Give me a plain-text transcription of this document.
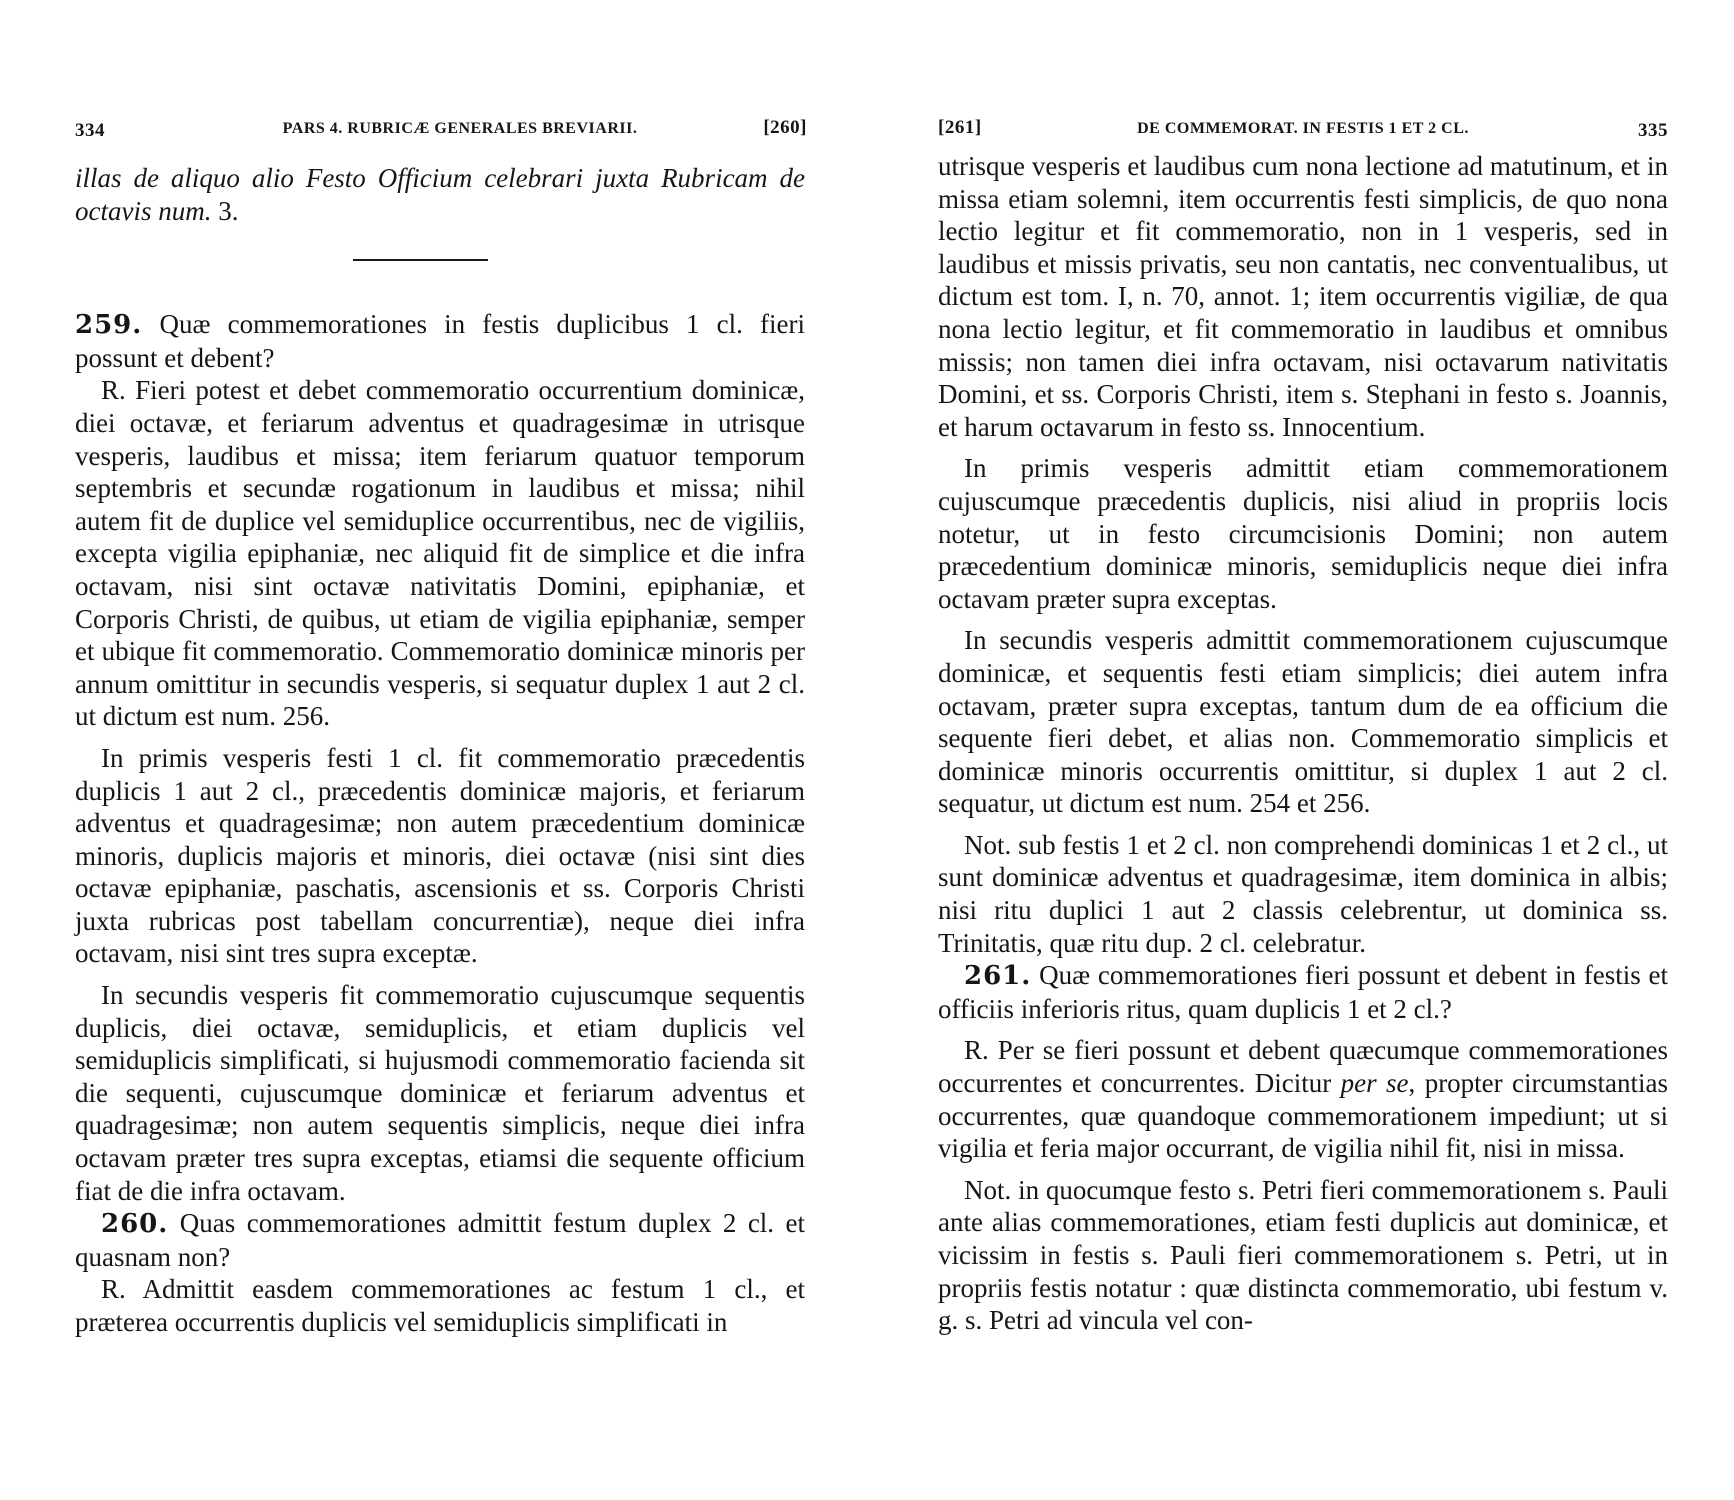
334	PARS 4. RUBRICÆ GENERALES BREVIARII.	[260]

illas de aliquo alio Festo Officium celebrari juxta Rubricam de octavis num. 3.

259. Quæ commemorationes in festis duplicibus 1 cl. fieri possunt et debent?

R. Fieri potest et debet commemoratio occurrentium dominicæ, diei octavæ, et feriarum adventus et quadragesimæ in utrisque vesperis, laudibus et missa; item feriarum quatuor temporum septembris et secundæ rogationum in laudibus et missa; nihil autem fit de duplice vel semiduplice occurrentibus, nec de vigiliis, excepta vigilia epiphaniæ, nec aliquid fit de simplice et die infra octavam, nisi sint octavæ nativitatis Domini, epiphaniæ, et Corporis Christi, de quibus, ut etiam de vigilia epiphaniæ, semper et ubique fit commemoratio. Commemoratio dominicæ minoris per annum omittitur in secundis vesperis, si sequatur duplex 1 aut 2 cl. ut dictum est num. 256.

In primis vesperis festi 1 cl. fit commemoratio præcedentis duplicis 1 aut 2 cl., præcedentis dominicæ majoris, et feriarum adventus et quadragesimæ; non autem præcedentium dominicæ minoris, duplicis majoris et minoris, diei octavæ (nisi sint dies octavæ epiphaniæ, paschatis, ascensionis et ss. Corporis Christi juxta rubricas post tabellam concurrentiæ), neque diei infra octavam, nisi sint tres supra exceptæ.

In secundis vesperis fit commemoratio cujuscumque sequentis duplicis, diei octavæ, semiduplicis, et etiam duplicis vel semiduplicis simplificati, si hujusmodi commemoratio facienda sit die sequenti, cujuscumque dominicæ et feriarum adventus et quadragesimæ; non autem sequentis simplicis, neque diei infra octavam præter tres supra exceptas, etiamsi die sequente officium fiat de die infra octavam.

260. Quas commemorationes admittit festum duplex 2 cl. et quasnam non?

R. Admittit easdem commemorationes ac festum 1 cl., et præterea occurrentis duplicis vel semiduplicis simplificati in

[261]	DE COMMEMORAT. IN FESTIS 1 ET 2 CL.	335

utrisque vesperis et laudibus cum nona lectione ad matutinum, et in missa etiam solemni, item occurrentis festi simplicis, de quo nona lectio legitur et fit commemoratio, non in 1 vesperis, sed in laudibus et missis privatis, seu non cantatis, nec conventualibus, ut dictum est tom. I, n. 70, annot. 1; item occurrentis vigiliæ, de qua nona lectio legitur, et fit commemoratio in laudibus et omnibus missis; non tamen diei infra octavam, nisi octavarum nativitatis Domini, et ss. Corporis Christi, item s. Stephani in festo s. Joannis, et harum octavarum in festo ss. Innocentium.

In primis vesperis admittit etiam commemorationem cujuscumque præcedentis duplicis, nisi aliud in propriis locis notetur, ut in festo circumcisionis Domini; non autem præcedentium dominicæ minoris, semiduplicis neque diei infra octavam præter supra exceptas.

In secundis vesperis admittit commemorationem cujuscumque dominicæ, et sequentis festi etiam simplicis; diei autem infra octavam, præter supra exceptas, tantum dum de ea officium die sequente fieri debet, et alias non. Commemoratio simplicis et dominicæ minoris occurrentis omittitur, si duplex 1 aut 2 cl. sequatur, ut dictum est num. 254 et 256.

Not. sub festis 1 et 2 cl. non comprehendi dominicas 1 et 2 cl., ut sunt dominicæ adventus et quadragesimæ, item dominica in albis; nisi ritu duplici 1 aut 2 classis celebrentur, ut dominica ss. Trinitatis, quæ ritu dup. 2 cl. celebratur.

261. Quæ commemorationes fieri possunt et debent in festis et officiis inferioris ritus, quam duplicis 1 et 2 cl.?

R. Per se fieri possunt et debent quæcumque commemorationes occurrentes et concurrentes. Dicitur per se, propter circumstantias occurrentes, quæ quandoque commemorationem impediunt; ut si vigilia et feria major occurrant, de vigilia nihil fit, nisi in missa.

Not. in quocumque festo s. Petri fieri commemorationem s. Pauli ante alias commemorationes, etiam festi duplicis aut dominicæ, et vicissim in festis s. Pauli fieri commemorationem s. Petri, ut in propriis festis notatur : quæ distincta commemoratio, ubi festum v. g. s. Petri ad vincula vel con-
